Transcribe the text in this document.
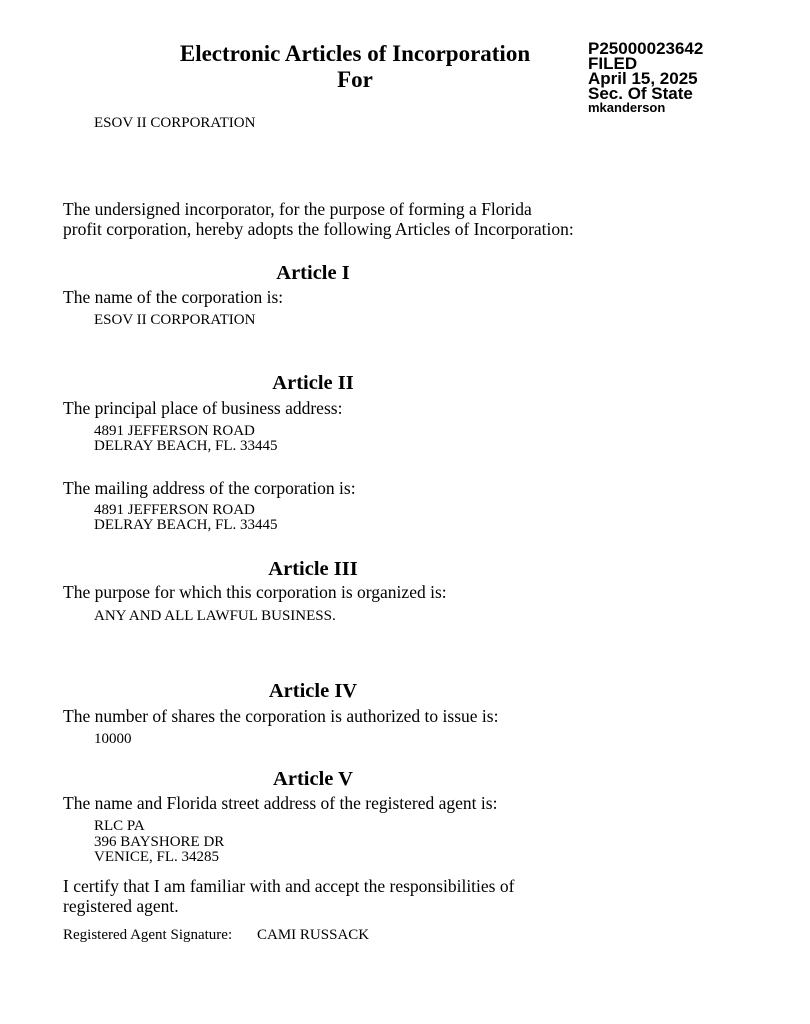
Electronic Articles of Incorporation
For
P25000023642
FILED
April 15, 2025
Sec. Of State
mkanderson
ESOV II CORPORATION
The undersigned incorporator, for the purpose of forming a Florida
profit corporation, hereby adopts the following Articles of Incorporation:
Article I
The name of the corporation is:
ESOV II CORPORATION
Article II
The principal place of business address:
4891 JEFFERSON ROAD
DELRAY BEACH, FL. 33445
The mailing address of the corporation is:
4891 JEFFERSON ROAD
DELRAY BEACH, FL. 33445
Article III
The purpose for which this corporation is organized is:
ANY AND ALL LAWFUL BUSINESS.
Article IV
The number of shares the corporation is authorized to issue is:
10000
Article V
The name and Florida street address of the registered agent is:
RLC PA
396 BAYSHORE DR
VENICE, FL. 34285
I certify that I am familiar with and accept the responsibilities of
registered agent.
Registered Agent Signature: CAMI RUSSACK
